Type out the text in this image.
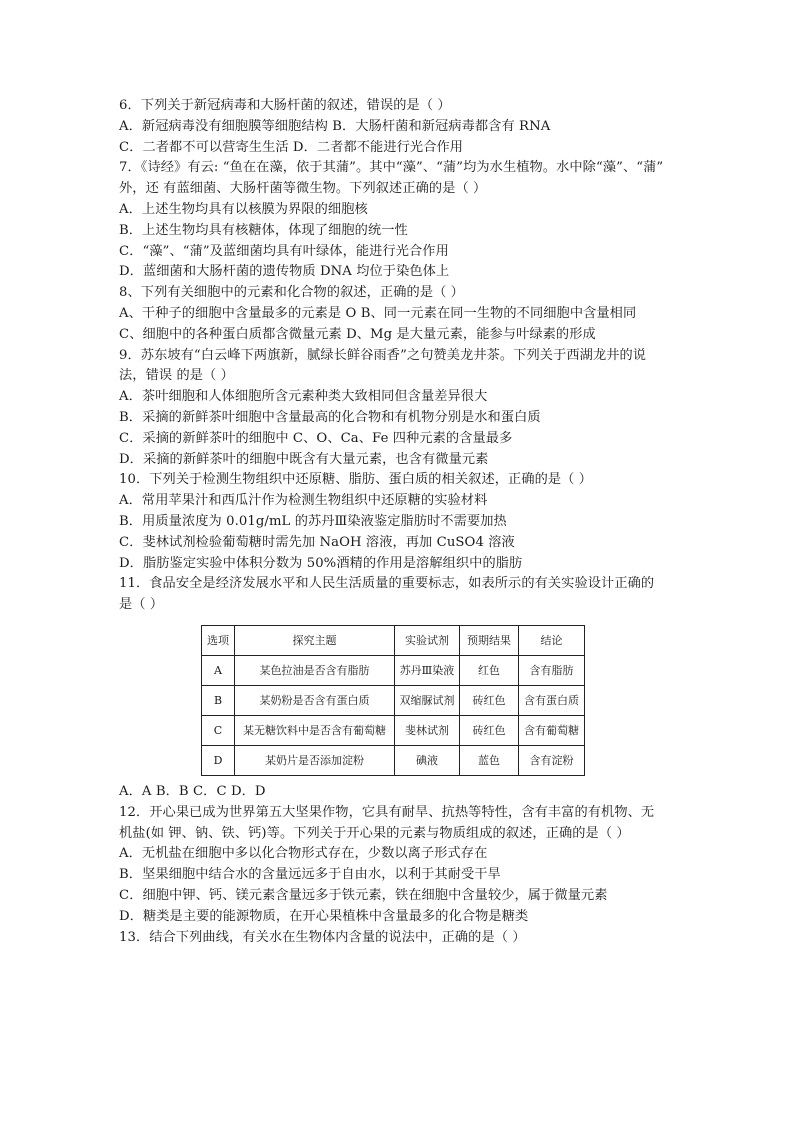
6．下列关于新冠病毒和大肠杆菌的叙述，错误的是（ ）
A．新冠病毒没有细胞膜等细胞结构 B．大肠杆菌和新冠病毒都含有 RNA
C．二者都不可以营寄生生活 D．二者都不能进行光合作用
7．《诗经》有云: “鱼在在藻，依于其蒲”。其中“藻”、“蒲”均为水生植物。水中除“藻”、“蒲”
外，还 有蓝细菌、大肠杆菌等微生物。下列叙述正确的是（ ）
A．上述生物均具有以核膜为界限的细胞核
B．上述生物均具有核糖体，体现了细胞的统一性
C．“藻”、“蒲”及蓝细菌均具有叶绿体，能进行光合作用
D．蓝细菌和大肠杆菌的遗传物质 DNA 均位于染色体上
8、下列有关细胞中的元素和化合物的叙述，正确的是（ ）
A、干种子的细胞中含量最多的元素是 O B、同一元素在同一生物的不同细胞中含量相同
C、细胞中的各种蛋白质都含微量元素 D、Mg 是大量元素，能参与叶绿素的形成
9．苏东坡有“白云峰下两旗新，腻绿长鲜谷雨香”之句赞美龙井茶。下列关于西湖龙井的说
法，错误 的是（ ）
A．茶叶细胞和人体细胞所含元素种类大致相同但含量差异很大
B．采摘的新鲜茶叶细胞中含量最高的化合物和有机物分别是水和蛋白质
C．采摘的新鲜茶叶的细胞中 C、O、Ca、Fe 四种元素的含量最多
D．采摘的新鲜茶叶的细胞中既含有大量元素，也含有微量元素
10．下列关于检测生物组织中还原糖、脂肪、蛋白质的相关叙述，正确的是（ ）
A．常用苹果汁和西瓜汁作为检测生物组织中还原糖的实验材料
B．用质量浓度为 0.01g/mL 的苏丹Ⅲ染液鉴定脂肪时不需要加热
C．斐林试剂检验葡萄糖时需先加 NaOH 溶液，再加 CuSO4 溶液
D．脂肪鉴定实验中体积分数为 50%酒精的作用是溶解组织中的脂肪
11．食品安全是经济发展水平和人民生活质量的重要标志，如表所示的有关实验设计正确的
是（ ）
选项	探究主题	实验试剂	预期结果	结论
A	某色拉油是否含有脂肪	苏丹Ⅲ染液	红色	含有脂肪
B	某奶粉是否含有蛋白质	双缩脲试剂	砖红色	含有蛋白质
C	某无糖饮料中是否含有葡萄糖	斐林试剂	砖红色	含有葡萄糖
D	某奶片是否添加淀粉	碘液	蓝色	含有淀粉
A．A B．B C．C D．D
12．开心果已成为世界第五大坚果作物，它具有耐旱、抗热等特性，含有丰富的有机物、无
机盐(如 钾、钠、铁、钙)等。下列关于开心果的元素与物质组成的叙述，正确的是（ ）
A．无机盐在细胞中多以化合物形式存在，少数以离子形式存在
B．坚果细胞中结合水的含量远远多于自由水，以利于其耐受干旱
C．细胞中钾、钙、镁元素含量远多于铁元素，铁在细胞中含量较少，属于微量元素
D．糖类是主要的能源物质，在开心果植株中含量最多的化合物是糖类
13．结合下列曲线，有关水在生物体内含量的说法中，正确的是（ ）
